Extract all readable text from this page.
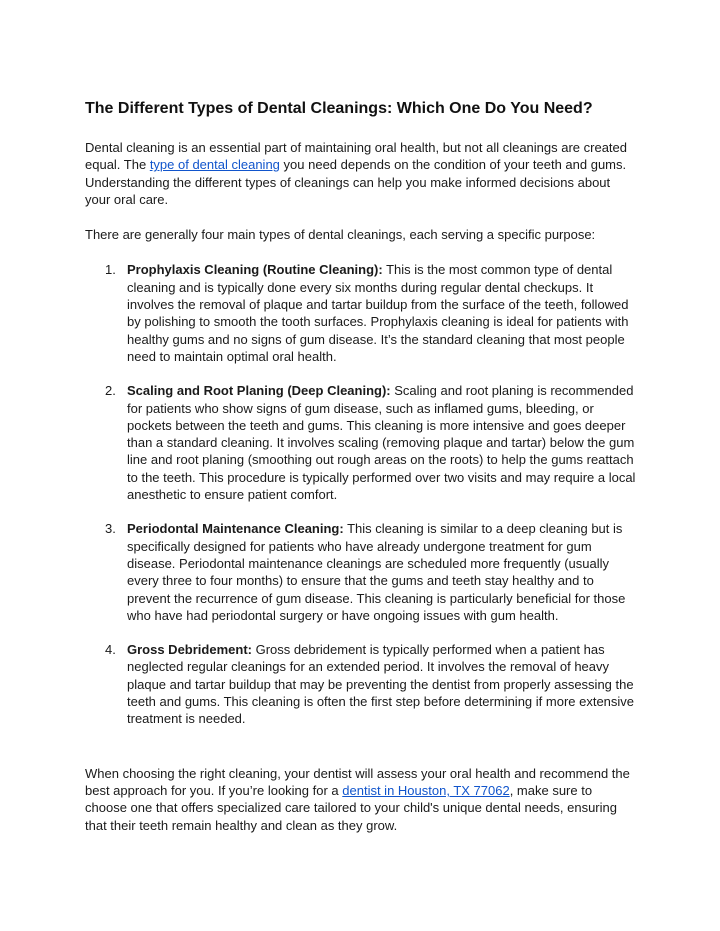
The Different Types of Dental Cleanings: Which One Do You Need?

Dental cleaning is an essential part of maintaining oral health, but not all cleanings are created equal. The type of dental cleaning you need depends on the condition of your teeth and gums. Understanding the different types of cleanings can help you make informed decisions about your oral care.

There are generally four main types of dental cleanings, each serving a specific purpose:

1. Prophylaxis Cleaning (Routine Cleaning): This is the most common type of dental cleaning and is typically done every six months during regular dental checkups. It involves the removal of plaque and tartar buildup from the surface of the teeth, followed by polishing to smooth the tooth surfaces. Prophylaxis cleaning is ideal for patients with healthy gums and no signs of gum disease. It’s the standard cleaning that most people need to maintain optimal oral health.
2. Scaling and Root Planing (Deep Cleaning): Scaling and root planing is recommended for patients who show signs of gum disease, such as inflamed gums, bleeding, or pockets between the teeth and gums. This cleaning is more intensive and goes deeper than a standard cleaning. It involves scaling (removing plaque and tartar) below the gum line and root planing (smoothing out rough areas on the roots) to help the gums reattach to the teeth. This procedure is typically performed over two visits and may require a local anesthetic to ensure patient comfort.
3. Periodontal Maintenance Cleaning: This cleaning is similar to a deep cleaning but is specifically designed for patients who have already undergone treatment for gum disease. Periodontal maintenance cleanings are scheduled more frequently (usually every three to four months) to ensure that the gums and teeth stay healthy and to prevent the recurrence of gum disease. This cleaning is particularly beneficial for those who have had periodontal surgery or have ongoing issues with gum health.
4. Gross Debridement: Gross debridement is typically performed when a patient has neglected regular cleanings for an extended period. It involves the removal of heavy plaque and tartar buildup that may be preventing the dentist from properly assessing the teeth and gums. This cleaning is often the first step before determining if more extensive treatment is needed.

When choosing the right cleaning, your dentist will assess your oral health and recommend the best approach for you. If you’re looking for a dentist in Houston, TX 77062, make sure to choose one that offers specialized care tailored to your child's unique dental needs, ensuring that their teeth remain healthy and clean as they grow.
